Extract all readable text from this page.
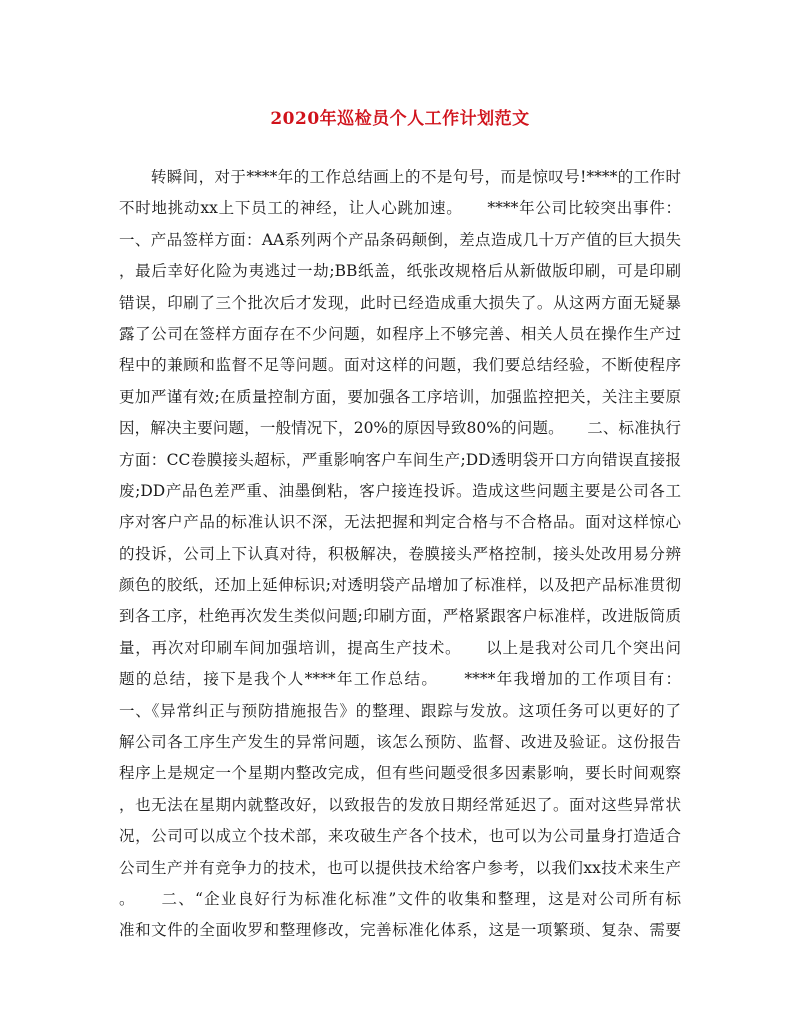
2020年巡检员个人工作计划范文
　　转瞬间，对于****年的工作总结画上的不是句号，而是惊叹号!****的工作时
不时地挑动xx上下员工的神经，让人心跳加速。　　****年公司比较突出事件：
一、产品签样方面：AA系列两个产品条码颠倒，差点造成几十万产值的巨大损失
，最后幸好化险为夷逃过一劫;BB纸盖，纸张改规格后从新做版印刷，可是印刷
错误，印刷了三个批次后才发现，此时已经造成重大损失了。从这两方面无疑暴
露了公司在签样方面存在不少问题，如程序上不够完善、相关人员在操作生产过
程中的兼顾和监督不足等问题。面对这样的问题，我们要总结经验，不断使程序
更加严谨有效;在质量控制方面，要加强各工序培训，加强监控把关，关注主要原
因，解决主要问题，一般情况下，20%的原因导致80%的问题。　　二、标准执行
方面：CC卷膜接头超标，严重影响客户车间生产;DD透明袋开口方向错误直接报
废;DD产品色差严重、油墨倒粘，客户接连投诉。造成这些问题主要是公司各工
序对客户产品的标准认识不深，无法把握和判定合格与不合格品。面对这样惊心
的投诉，公司上下认真对待，积极解决，卷膜接头严格控制，接头处改用易分辨
颜色的胶纸，还加上延伸标识;对透明袋产品增加了标准样，以及把产品标准贯彻
到各工序，杜绝再次发生类似问题;印刷方面，严格紧跟客户标准样，改进版筒质
量，再次对印刷车间加强培训，提高生产技术。　　以上是我对公司几个突出问
题的总结，接下是我个人****年工作总结。　　****年我增加的工作项目有：
一、《异常纠正与预防措施报告》的整理、跟踪与发放。这项任务可以更好的了
解公司各工序生产发生的异常问题，该怎么预防、监督、改进及验证。这份报告
程序上是规定一个星期内整改完成，但有些问题受很多因素影响，要长时间观察
，也无法在星期内就整改好，以致报告的发放日期经常延迟了。面对这些异常状
况，公司可以成立个技术部，来攻破生产各个技术，也可以为公司量身打造适合
公司生产并有竞争力的技术，也可以提供技术给客户参考，以我们xx技术来生产
。　　二、“企业良好行为标准化标准”文件的收集和整理，这是对公司所有标
准和文件的全面收罗和整理修改，完善标准化体系，这是一项繁琐、复杂、需要
